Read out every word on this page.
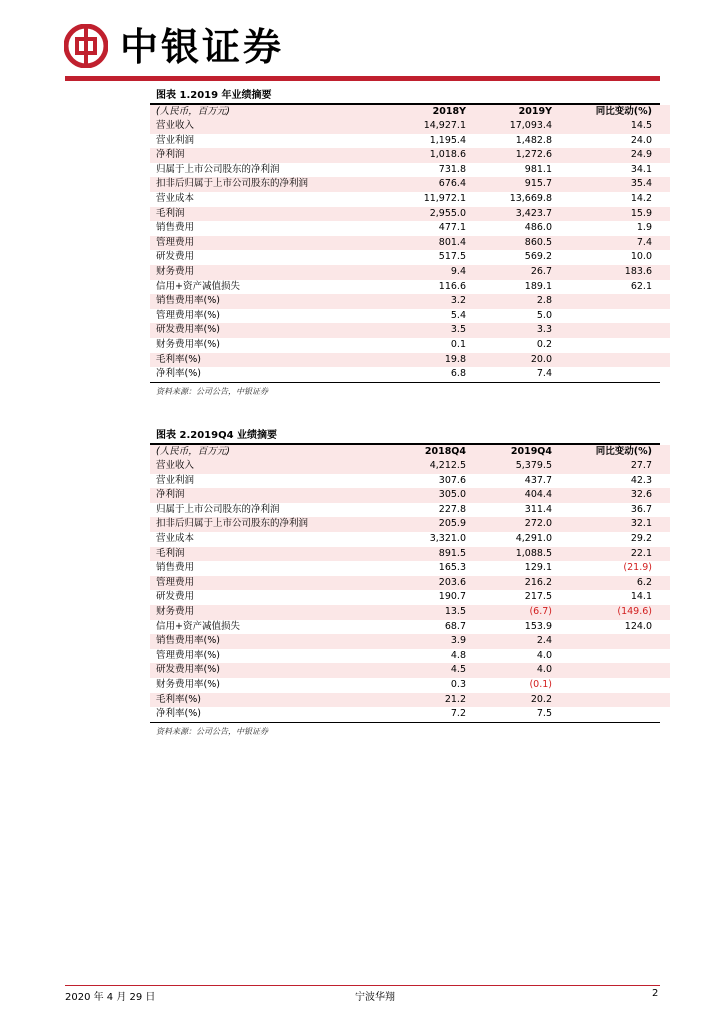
中银证券
图表 1.2019 年业绩摘要
(人民币，百万元)	2018Y	2019Y	同比变动(%)
营业收入	14,927.1	17,093.4	14.5
营业利润	1,195.4	1,482.8	24.0
净利润	1,018.6	1,272.6	24.9
归属于上市公司股东的净利润	731.8	981.1	34.1
扣非后归属于上市公司股东的净利润	676.4	915.7	35.4
营业成本	11,972.1	13,669.8	14.2
毛利润	2,955.0	3,423.7	15.9
销售费用	477.1	486.0	1.9
管理费用	801.4	860.5	7.4
研发费用	517.5	569.2	10.0
财务费用	9.4	26.7	183.6
信用+资产减值损失	116.6	189.1	62.1
销售费用率(%)	3.2	2.8	
管理费用率(%)	5.4	5.0	
研发费用率(%)	3.5	3.3	
财务费用率(%)	0.1	0.2	
毛利率(%)	19.8	20.0	
净利率(%)	6.8	7.4	
资料来源：公司公告，中银证券
图表 2.2019Q4 业绩摘要
(人民币，百万元)	2018Q4	2019Q4	同比变动(%)
营业收入	4,212.5	5,379.5	27.7
营业利润	307.6	437.7	42.3
净利润	305.0	404.4	32.6
归属于上市公司股东的净利润	227.8	311.4	36.7
扣非后归属于上市公司股东的净利润	205.9	272.0	32.1
营业成本	3,321.0	4,291.0	29.2
毛利润	891.5	1,088.5	22.1
销售费用	165.3	129.1	(21.9)
管理费用	203.6	216.2	6.2
研发费用	190.7	217.5	14.1
财务费用	13.5	(6.7)	(149.6)
信用+资产减值损失	68.7	153.9	124.0
销售费用率(%)	3.9	2.4	
管理费用率(%)	4.8	4.0	
研发费用率(%)	4.5	4.0	
财务费用率(%)	0.3	(0.1)	
毛利率(%)	21.2	20.2	
净利率(%)	7.2	7.5	
资料来源：公司公告，中银证券
2020 年 4 月 29 日	宁波华翔	2
